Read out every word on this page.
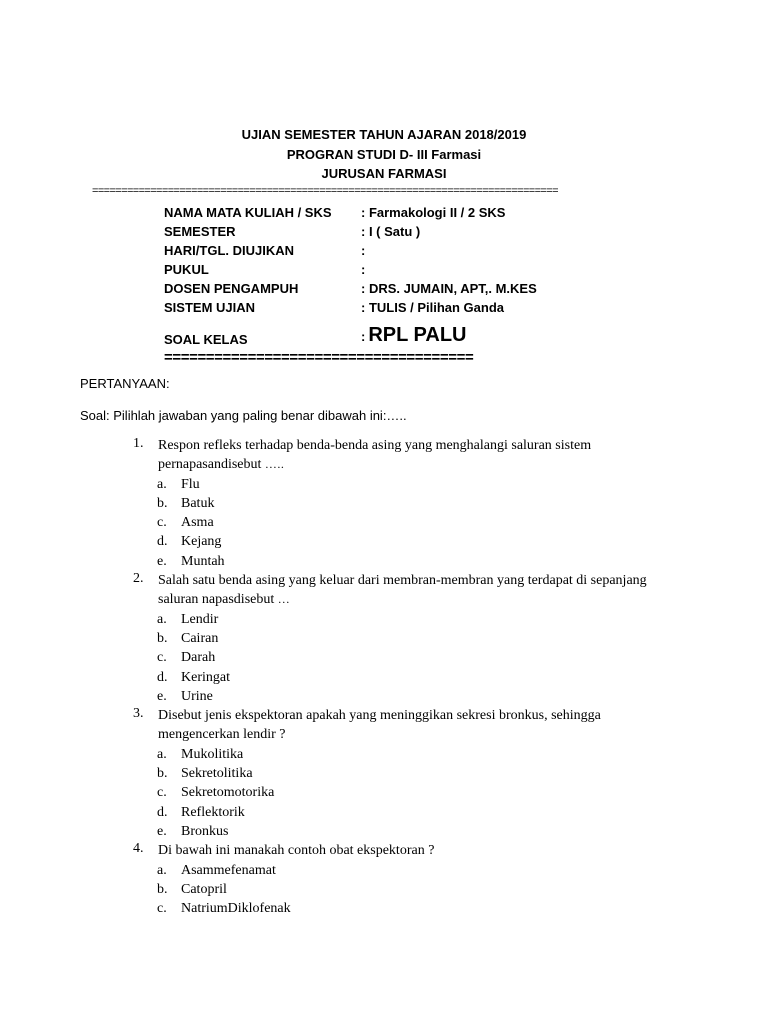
UJIAN SEMESTER TAHUN AJARAN 2018/2019
PROGRAN STUDI D- III Farmasi
JURUSAN FARMASI
================================================================================
NAMA MATA KULIAH / SKS : Farmakologi II / 2 SKS
SEMESTER	: I ( Satu )
HARI/TGL. DIUJIKAN	:
PUKUL	:
DOSEN PENGAMPUH	: DRS. JUMAIN, APT,. M.KES
SISTEM UJIAN	: TULIS / Pilihan Ganda
SOAL KELAS	: RPL PALU
=====================================
PERTANYAAN:
Soal: Pilihlah jawaban yang paling benar dibawah ini:…..
1.	Respon refleks terhadap benda-benda asing yang menghalangi saluran sistem pernapasandisebut …..
a. Flu
b. Batuk
c. Asma
d. Kejang
e. Muntah
2.	Salah satu benda asing yang keluar dari membran-membran yang terdapat di sepanjang saluran napasdisebut …
a. Lendir
b. Cairan
c. Darah
d. Keringat
e. Urine
3.	Disebut jenis ekspektoran apakah yang meninggikan sekresi bronkus, sehingga mengencerkan lendir ?
a. Mukolitika
b. Sekretolitika
c. Sekretomotorika
d. Reflektorik
e. Bronkus
4.	Di bawah ini manakah contoh obat ekspektoran ?
a. Asammefenamat
b. Catopril
c. NatriumDiklofenak
